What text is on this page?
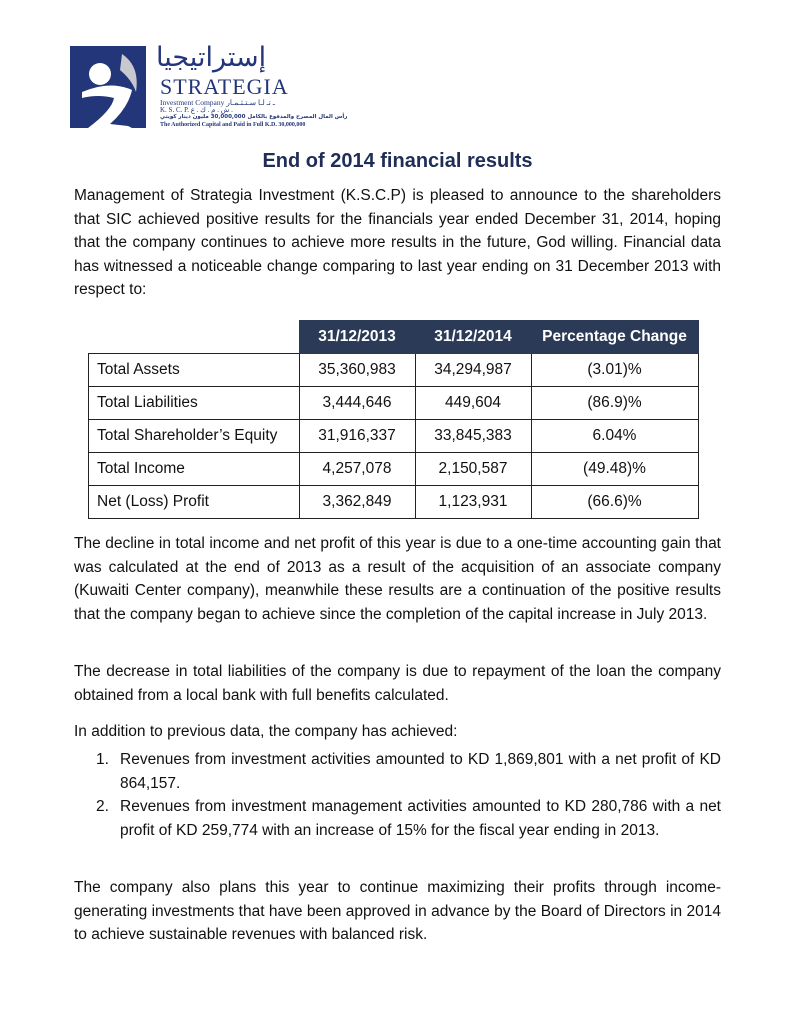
إستراتيجيا
STRATEGIA
Investment Company ـ تـ لـا سـتـثـمـار
K. S. C. P. ش . م . ك . ع .
رأس المال المصرح والمدفوع بالكامل 30,000,000 مليون دينار كويتي
The Authorized Capital and Paid in Full K.D. 30,000,000
End of 2014 financial results

Management of Strategia Investment (K.S.C.P) is pleased to announce to the shareholders that SIC achieved positive results for the financials year ended December 31, 2014, hoping that the company continues to achieve more results in the future, God willing. Financial data has witnessed a noticeable change comparing to last year ending on 31 December 2013 with respect to:

	31/12/2013	31/12/2014	Percentage Change
Total Assets	35,360,983	34,294,987	(3.01)%
Total Liabilities	3,444,646	449,604	(86.9)%
Total Shareholder’s Equity	31,916,337	33,845,383	6.04%
Total Income	4,257,078	2,150,587	(49.48)%
Net (Loss) Profit	3,362,849	1,123,931	(66.6)%

The decline in total income and net profit of this year is due to a one-time accounting gain that was calculated at the end of 2013 as a result of the acquisition of an associate company (Kuwaiti Center company), meanwhile these results are a continuation of the positive results that the company began to achieve since the completion of the capital increase in July 2013.

The decrease in total liabilities of the company is due to repayment of the loan the company obtained from a local bank with full benefits calculated.

In addition to previous data, the company has achieved:

1. Revenues from investment activities amounted to KD 1,869,801 with a net profit of KD 864,157.
2. Revenues from investment management activities amounted to KD 280,786 with a net profit of KD 259,774 with an increase of 15% for the fiscal year ending in 2013.

The company also plans this year to continue maximizing their profits through income-generating investments that have been approved in advance by the Board of Directors in 2014 to achieve sustainable revenues with balanced risk.
